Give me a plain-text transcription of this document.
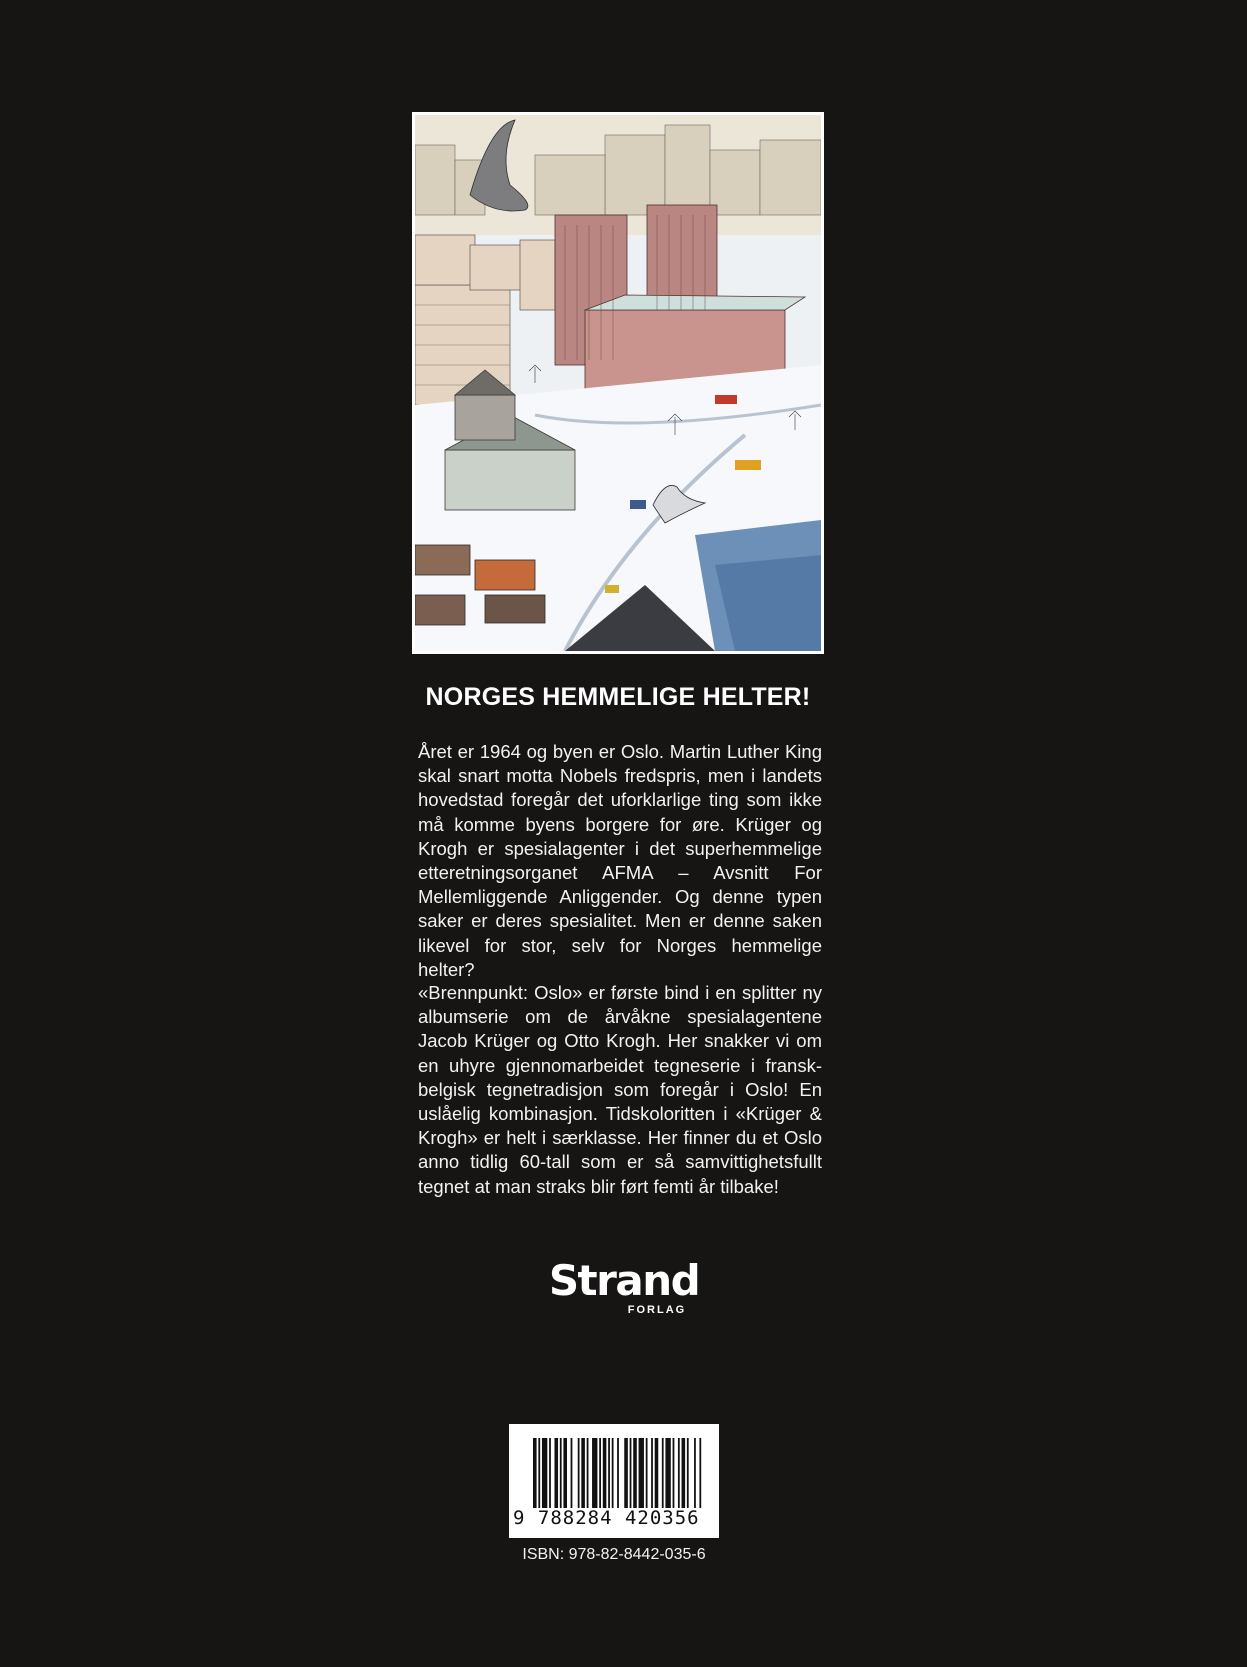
NORGES HEMMELIGE HELTER!

Året er 1964 og byen er Oslo. Martin Luther King skal snart motta Nobels fredspris, men i landets hovedstad foregår det uforklarlige ting som ikke må komme byens borgere for øre. Krüger og Krogh er spesialagenter i det superhemmelige etteretningsorganet AFMA – Avsnitt For Mellemliggende Anliggender. Og denne typen saker er deres spesialitet. Men er denne saken likevel for stor, selv for Norges hemmelige helter?

«Brennpunkt: Oslo» er første bind i en splitter ny albumserie om de årvåkne spesialagentene Jacob Krüger og Otto Krogh. Her snakker vi om en uhyre gjennomarbeidet tegneserie i franskbelgisk tegnetradisjon som foregår i Oslo! En uslåelig kombinasjon. Tidskoloritten i «Krüger & Krogh» er helt i særklasse. Her finner du et Oslo anno tidlig 60-tall som er så samvittighetsfullt tegnet at man straks blir ført femti år tilbake!

Strand
FORLAG
9 788284 420356
ISBN: 978-82-8442-035-6
